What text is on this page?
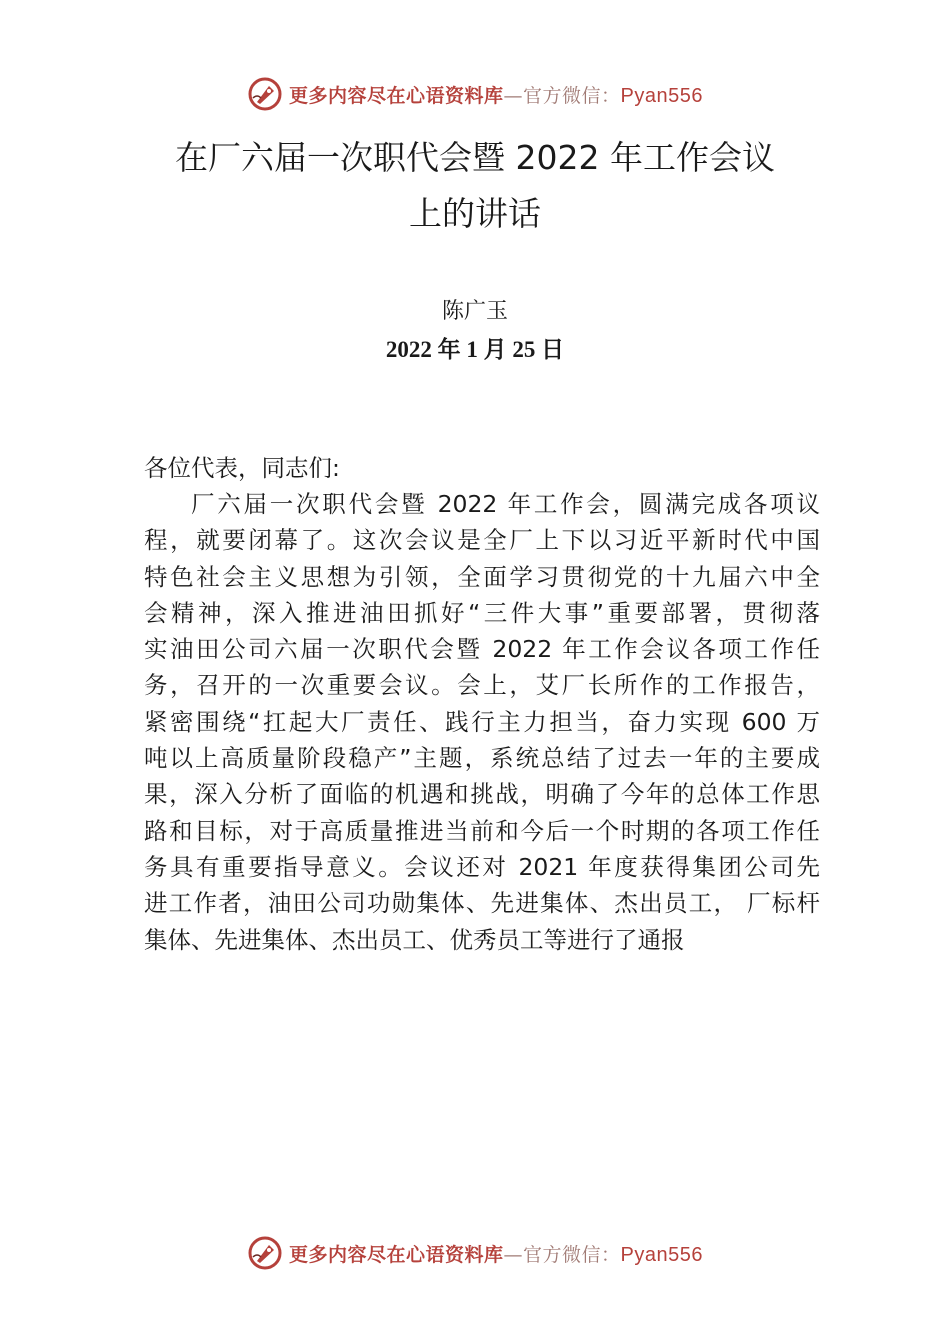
更多内容尽在心语资料库—官方微信：Pyan556
在厂六届一次职代会暨 2022 年工作会议
上的讲话
陈广玉
2022 年 1 月 25 日
各位代表，同志们:
厂六届一次职代会暨 2022 年工作会，圆满完成各项议
程，就要闭幕了。这次会议是全厂上下以习近平新时代中国
特色社会主义思想为引领，全面学习贯彻党的十九届六中全
会精神，深入推进油田抓好“三件大事”重要部署，贯彻落
实油田公司六届一次职代会暨 2022 年工作会议各项工作任
务，召开的一次重要会议。会上，艾厂长所作的工作报告，
紧密围绕“扛起大厂责任、践行主力担当，奋力实现 600 万
吨以上高质量阶段稳产”主题，系统总结了过去一年的主要成
果，深入分析了面临的机遇和挑战，明确了今年的总体工作思
路和目标，对于高质量推进当前和今后一个时期的各项工作任
务具有重要指导意义。会议还对 2021 年度获得集团公司先
进工作者，油田公司功勋集体、先进集体、杰出员工， 厂标杆
集体、先进集体、杰出员工、优秀员工等进行了通报
更多内容尽在心语资料库—官方微信：Pyan556
